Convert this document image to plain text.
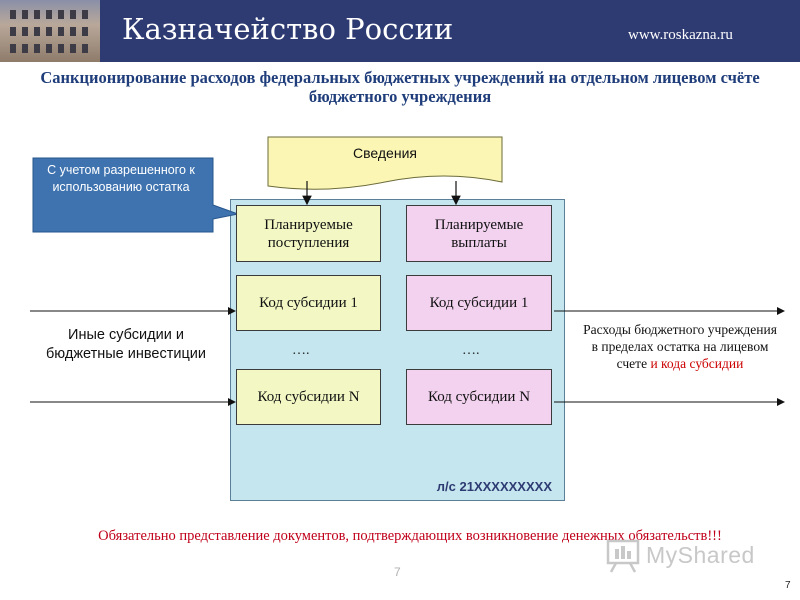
Казначейство России	www.roskazna.ru
Санкционирование расходов федеральных бюджетных учреждений на отдельном лицевом счёте бюджетного учреждения
л/с 21ХХХХХХХХХ
Сведения
С учетом разрешенного к использованию остатка
Планируемые поступления
Планируемые выплаты
Код субсидии 1	Код субсидии 1
….	….
Код субсидии N	Код субсидии N
Иные субсидии и бюджетные инвестиции
Расходы бюджетного учреждения в пределах остатка на лицевом счете и кода субсидии
Обязательно представление документов, подтверждающих возникновение денежных обязательств!!!
7
7
MyShared
